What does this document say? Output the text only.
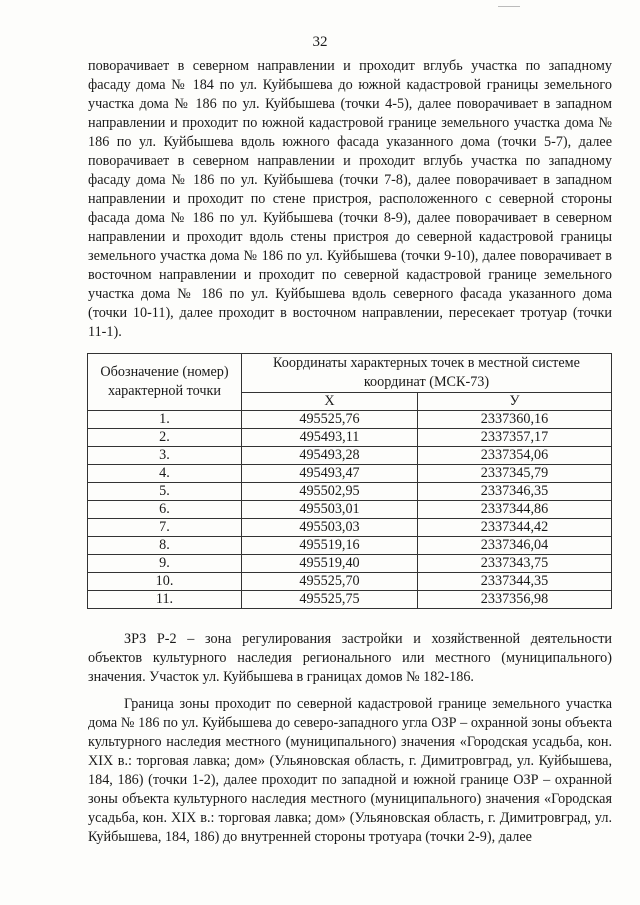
32
поворачивает в северном направлении и проходит вглубь участка по западному фасаду дома № 184 по ул. Куйбышева до южной кадастровой границы земельного участка дома № 186 по ул. Куйбышева (точки 4-5), далее поворачивает в западном направлении и проходит по южной кадастровой границе земельного участка дома № 186 по ул. Куйбышева вдоль южного фасада указанного дома (точки 5-7), далее поворачивает в северном направлении и проходит вглубь участка по западному фасаду дома № 186 по ул. Куйбышева (точки 7-8), далее поворачивает в западном направлении и проходит по стене пристроя, расположенного с северной стороны фасада дома № 186 по ул. Куйбышева (точки 8-9), далее поворачивает в северном направлении и проходит вдоль стены пристроя до северной кадастровой границы земельного участка дома № 186 по ул. Куйбышева (точки 9-10), далее поворачивает в восточном направлении и проходит по северной кадастровой границе земельного участка дома № 186 по ул. Куйбышева вдоль северного фасада указанного дома (точки 10-11), далее проходит в восточном направлении, пересекает тротуар (точки 11-1).
Обозначение (номер) характерной точки	Координаты характерных точек в местной системе координат (МСК-73)	
	X	У
1.	495525,76	2337360,16
2.	495493,11	2337357,17
3.	495493,28	2337354,06
4.	495493,47	2337345,79
5.	495502,95	2337346,35
6.	495503,01	2337344,86
7.	495503,03	2337344,42
8.	495519,16	2337346,04
9.	495519,40	2337343,75
10.	495525,70	2337344,35
11.	495525,75	2337356,98

ЗРЗ Р-2 – зона регулирования застройки и хозяйственной деятельности объектов культурного наследия регионального или местного (муниципального) значения. Участок ул. Куйбышева в границах домов № 182-186.

Граница зоны проходит по северной кадастровой границе земельного участка дома № 186 по ул. Куйбышева до северо-западного угла ОЗР – охранной зоны объекта культурного наследия местного (муниципального) значения «Городская усадьба, кон. XIX в.: торговая лавка; дом» (Ульяновская область, г. Димитровград, ул. Куйбышева, 184, 186) (точки 1-2), далее проходит по западной и южной границе ОЗР – охранной зоны объекта культурного наследия местного (муниципального) значения «Городская усадьба, кон. XIX в.: торговая лавка; дом» (Ульяновская область, г. Димитровград, ул. Куйбышева, 184, 186) до внутренней стороны тротуара (точки 2-9), далее
